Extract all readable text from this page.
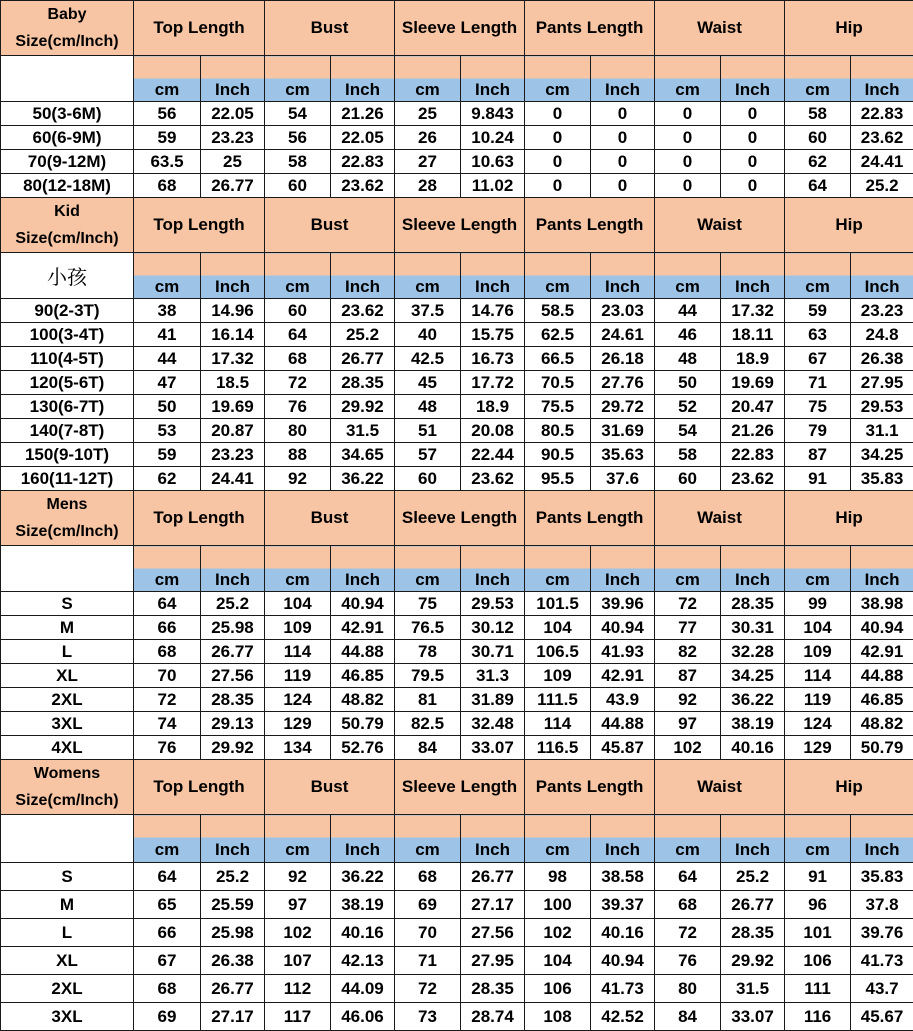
Baby
Size(cm/Inch)	Top Length		Bust		Sleeve Length		Pants Length		Waist		Hip	
	cm	Inch	cm	Inch	cm	Inch	cm	Inch	cm	Inch	cm	Inch
50(3-6M)	56	22.05	54	21.26	25	9.843	0	0	0	0	58	22.83
60(6-9M)	59	23.23	56	22.05	26	10.24	0	0	0	0	60	23.62
70(9-12M)	63.5	25	58	22.83	27	10.63	0	0	0	0	62	24.41
80(12-18M)	68	26.77	60	23.62	28	11.02	0	0	0	0	64	25.2
Kid
Size(cm/Inch)	Top Length		Bust		Sleeve Length		Pants Length		Waist		Hip	
小孩	cm	Inch	cm	Inch	cm	Inch	cm	Inch	cm	Inch	cm	Inch
90(2-3T)	38	14.96	60	23.62	37.5	14.76	58.5	23.03	44	17.32	59	23.23
100(3-4T)	41	16.14	64	25.2	40	15.75	62.5	24.61	46	18.11	63	24.8
110(4-5T)	44	17.32	68	26.77	42.5	16.73	66.5	26.18	48	18.9	67	26.38
120(5-6T)	47	18.5	72	28.35	45	17.72	70.5	27.76	50	19.69	71	27.95
130(6-7T)	50	19.69	76	29.92	48	18.9	75.5	29.72	52	20.47	75	29.53
140(7-8T)	53	20.87	80	31.5	51	20.08	80.5	31.69	54	21.26	79	31.1
150(9-10T)	59	23.23	88	34.65	57	22.44	90.5	35.63	58	22.83	87	34.25
160(11-12T)	62	24.41	92	36.22	60	23.62	95.5	37.6	60	23.62	91	35.83
Mens
Size(cm/Inch)	Top Length		Bust		Sleeve Length		Pants Length		Waist		Hip	
	cm	Inch	cm	Inch	cm	Inch	cm	Inch	cm	Inch	cm	Inch
S	64	25.2	104	40.94	75	29.53	101.5	39.96	72	28.35	99	38.98
M	66	25.98	109	42.91	76.5	30.12	104	40.94	77	30.31	104	40.94
L	68	26.77	114	44.88	78	30.71	106.5	41.93	82	32.28	109	42.91
XL	70	27.56	119	46.85	79.5	31.3	109	42.91	87	34.25	114	44.88
2XL	72	28.35	124	48.82	81	31.89	111.5	43.9	92	36.22	119	46.85
3XL	74	29.13	129	50.79	82.5	32.48	114	44.88	97	38.19	124	48.82
4XL	76	29.92	134	52.76	84	33.07	116.5	45.87	102	40.16	129	50.79
Womens
Size(cm/Inch)	Top Length		Bust		Sleeve Length		Pants Length		Waist		Hip	
	cm	Inch	cm	Inch	cm	Inch	cm	Inch	cm	Inch	cm	Inch
S	64	25.2	92	36.22	68	26.77	98	38.58	64	25.2	91	35.83
M	65	25.59	97	38.19	69	27.17	100	39.37	68	26.77	96	37.8
L	66	25.98	102	40.16	70	27.56	102	40.16	72	28.35	101	39.76
XL	67	26.38	107	42.13	71	27.95	104	40.94	76	29.92	106	41.73
2XL	68	26.77	112	44.09	72	28.35	106	41.73	80	31.5	111	43.7
3XL	69	27.17	117	46.06	73	28.74	108	42.52	84	33.07	116	45.67
